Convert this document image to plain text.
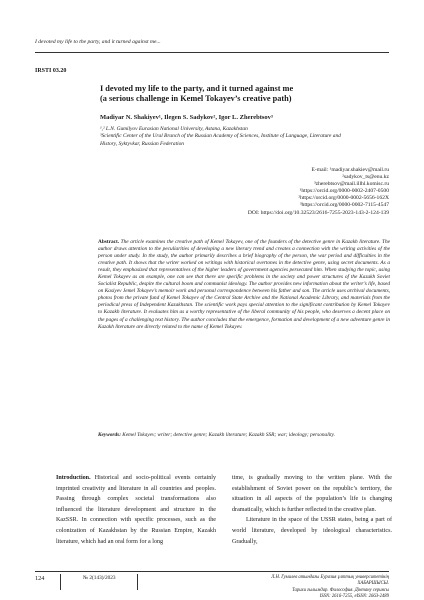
I devoted my life to the party, and it turned against me...
IRSTI 03.20
I devoted my life to the party, and it turned against me
(a serious challenge in Kemel Tokayev’s creative path)
Madiyar N. Shakiyev¹, Ilegen S. Sadykov², Igor L. Zherebtsov³
¹,² L.N. Gumilyov Eurasian National University, Astana, Kazakhstan
³Scientific Center of the Ural Branch of the Russian Academy of Sciences, Institute of Language, Literature and History, Syktyvkar, Russian Federation
E-mail: ¹madiyar.shakiev@mail.ru
²sadykov_ts@enu.kz
³zherebtsov@mail.illhl.komisc.ru
¹https://orcid.org/0000-0002-2407-0500
²https://orcid.org/0000-0002-5656-162X
³https://orcid.org/0000-0002-7115-4547
DOI: https://doi.org/10.32523/2616-7255-2023-143-2-124-139
Abstract. The article examines the creative path of Kemel Tokayev, one of the founders of the detective genre in Kazakh literature. The author draws attention to the peculiarities of developing a new literary trend and creates a connection with the writing activities of the person under study. In the study, the author primarily describes a brief biography of the person, the war period and difficulties in the creative path. It shows that the writer worked on writings with historical overtones in the detective genre, using secret documents. As a result, they emphasized that representatives of the higher leaders of government agencies persecuted him. When studying the topic, using Kemel Tokayev as an example, one can see that there are specific problems in the society and power structures of the Kazakh Soviet Socialist Republic, despite the cultural boom and communist ideology. The author provides new information about the writer’s life, based on Kasiyev Jemel Tokayev’s memoir work and personal correspondence between his father and son. The article uses archival documents, photos from the private fund of Kemel Tokayev of the Central State Archive and the National Academic Library, and materials from the periodical press of Independent Kazakhstan. The scientific work pays special attention to the significant contribution by Kemel Tokayev to Kazakh literature. It evaluates him as a worthy representative of the liberal community of his people, who deserves a decent place on the pages of a challenging text history. The author concludes that the emergence, formation and development of a new adventure genre in Kazakh literature are directly related to the name of Kemel Tokayev.
Keywords: Kemel Tokayev; writer; detective genre; Kazakh literature; Kazakh SSR; war; ideology; personality.
Introduction. Historical and socio-political events certainly imprinted creativity and literature in all countries and peoples. Passing through complex societal transformations also influenced the literature development and structure in the KazSSR. In connection with specific processes, such as the colonization of Kazakhstan by the Russian Empire, Kazakh literature, which had an oral form for a long
time, is gradually moving to the written plane. With the establishment of Soviet power on the republic’s territory, the situation in all aspects of the population’s life is changing dramatically, which is further reflected in the creative plan.
Literature in the space of the USSR states, being a part of world literature, developed by ideological characteristics. Gradually,
124	№ 2(143)/2023	Л.Н. Гумилев атындағы Еуразия ұлттық университетінің ХАБАРШЫСЫ.
Тарихи ғылымдар. Философия. Дінтану сериясы
ISSN: 2616-7255, eISSN: 2663-2489
